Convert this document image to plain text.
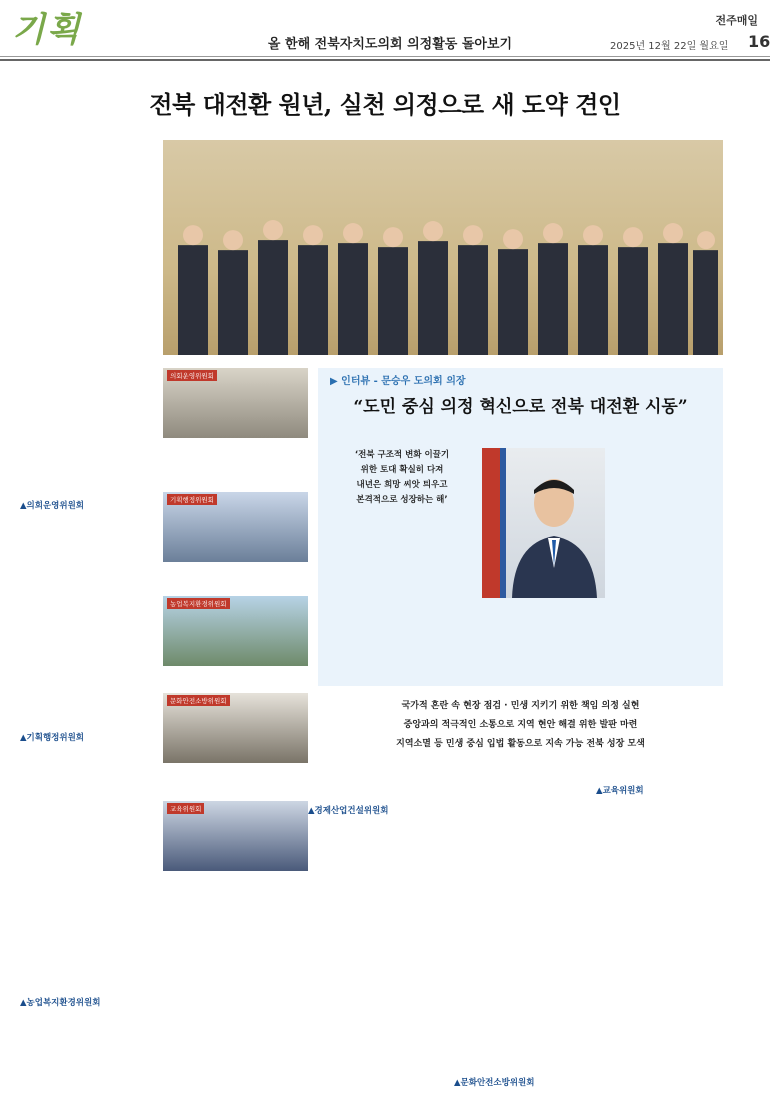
기획	올 한해 전북자치도의회 의정활동 돌아보기
전주매일
2025년 12월 22일 월요일 16
전북 대전환 원년, 실천 의정으로 새 도약 견인

▲의회운영위원회

▲기획행정위원회

▲농업복지환경위원회

의회운영위원회
기획행정위원회
농업복지환경위원회
문화안전소방위원회
교육위원회
▶ 인터뷰 - 문승우 도의회 의장
“도민 중심 의정 혁신으로 전북 대전환 시동”
‘전북 구조적 변화 이끌기
위한 토대 확실히 다져
내년은 희망 씨앗 틔우고
본격적으로 성장하는 해’

국가적 혼란 속 현장 점검 · 민생 지키기 위한 책임 의정 실현
중앙과의 적극적인 소통으로 지역 현안 해결 위한 발판 마련
지역소멸 등 민생 중심 입법 활동으로 지속 가능 전북 성장 모색

▲경제산업건설위원회

▲문화안전소방위원회

▲교육위원회
